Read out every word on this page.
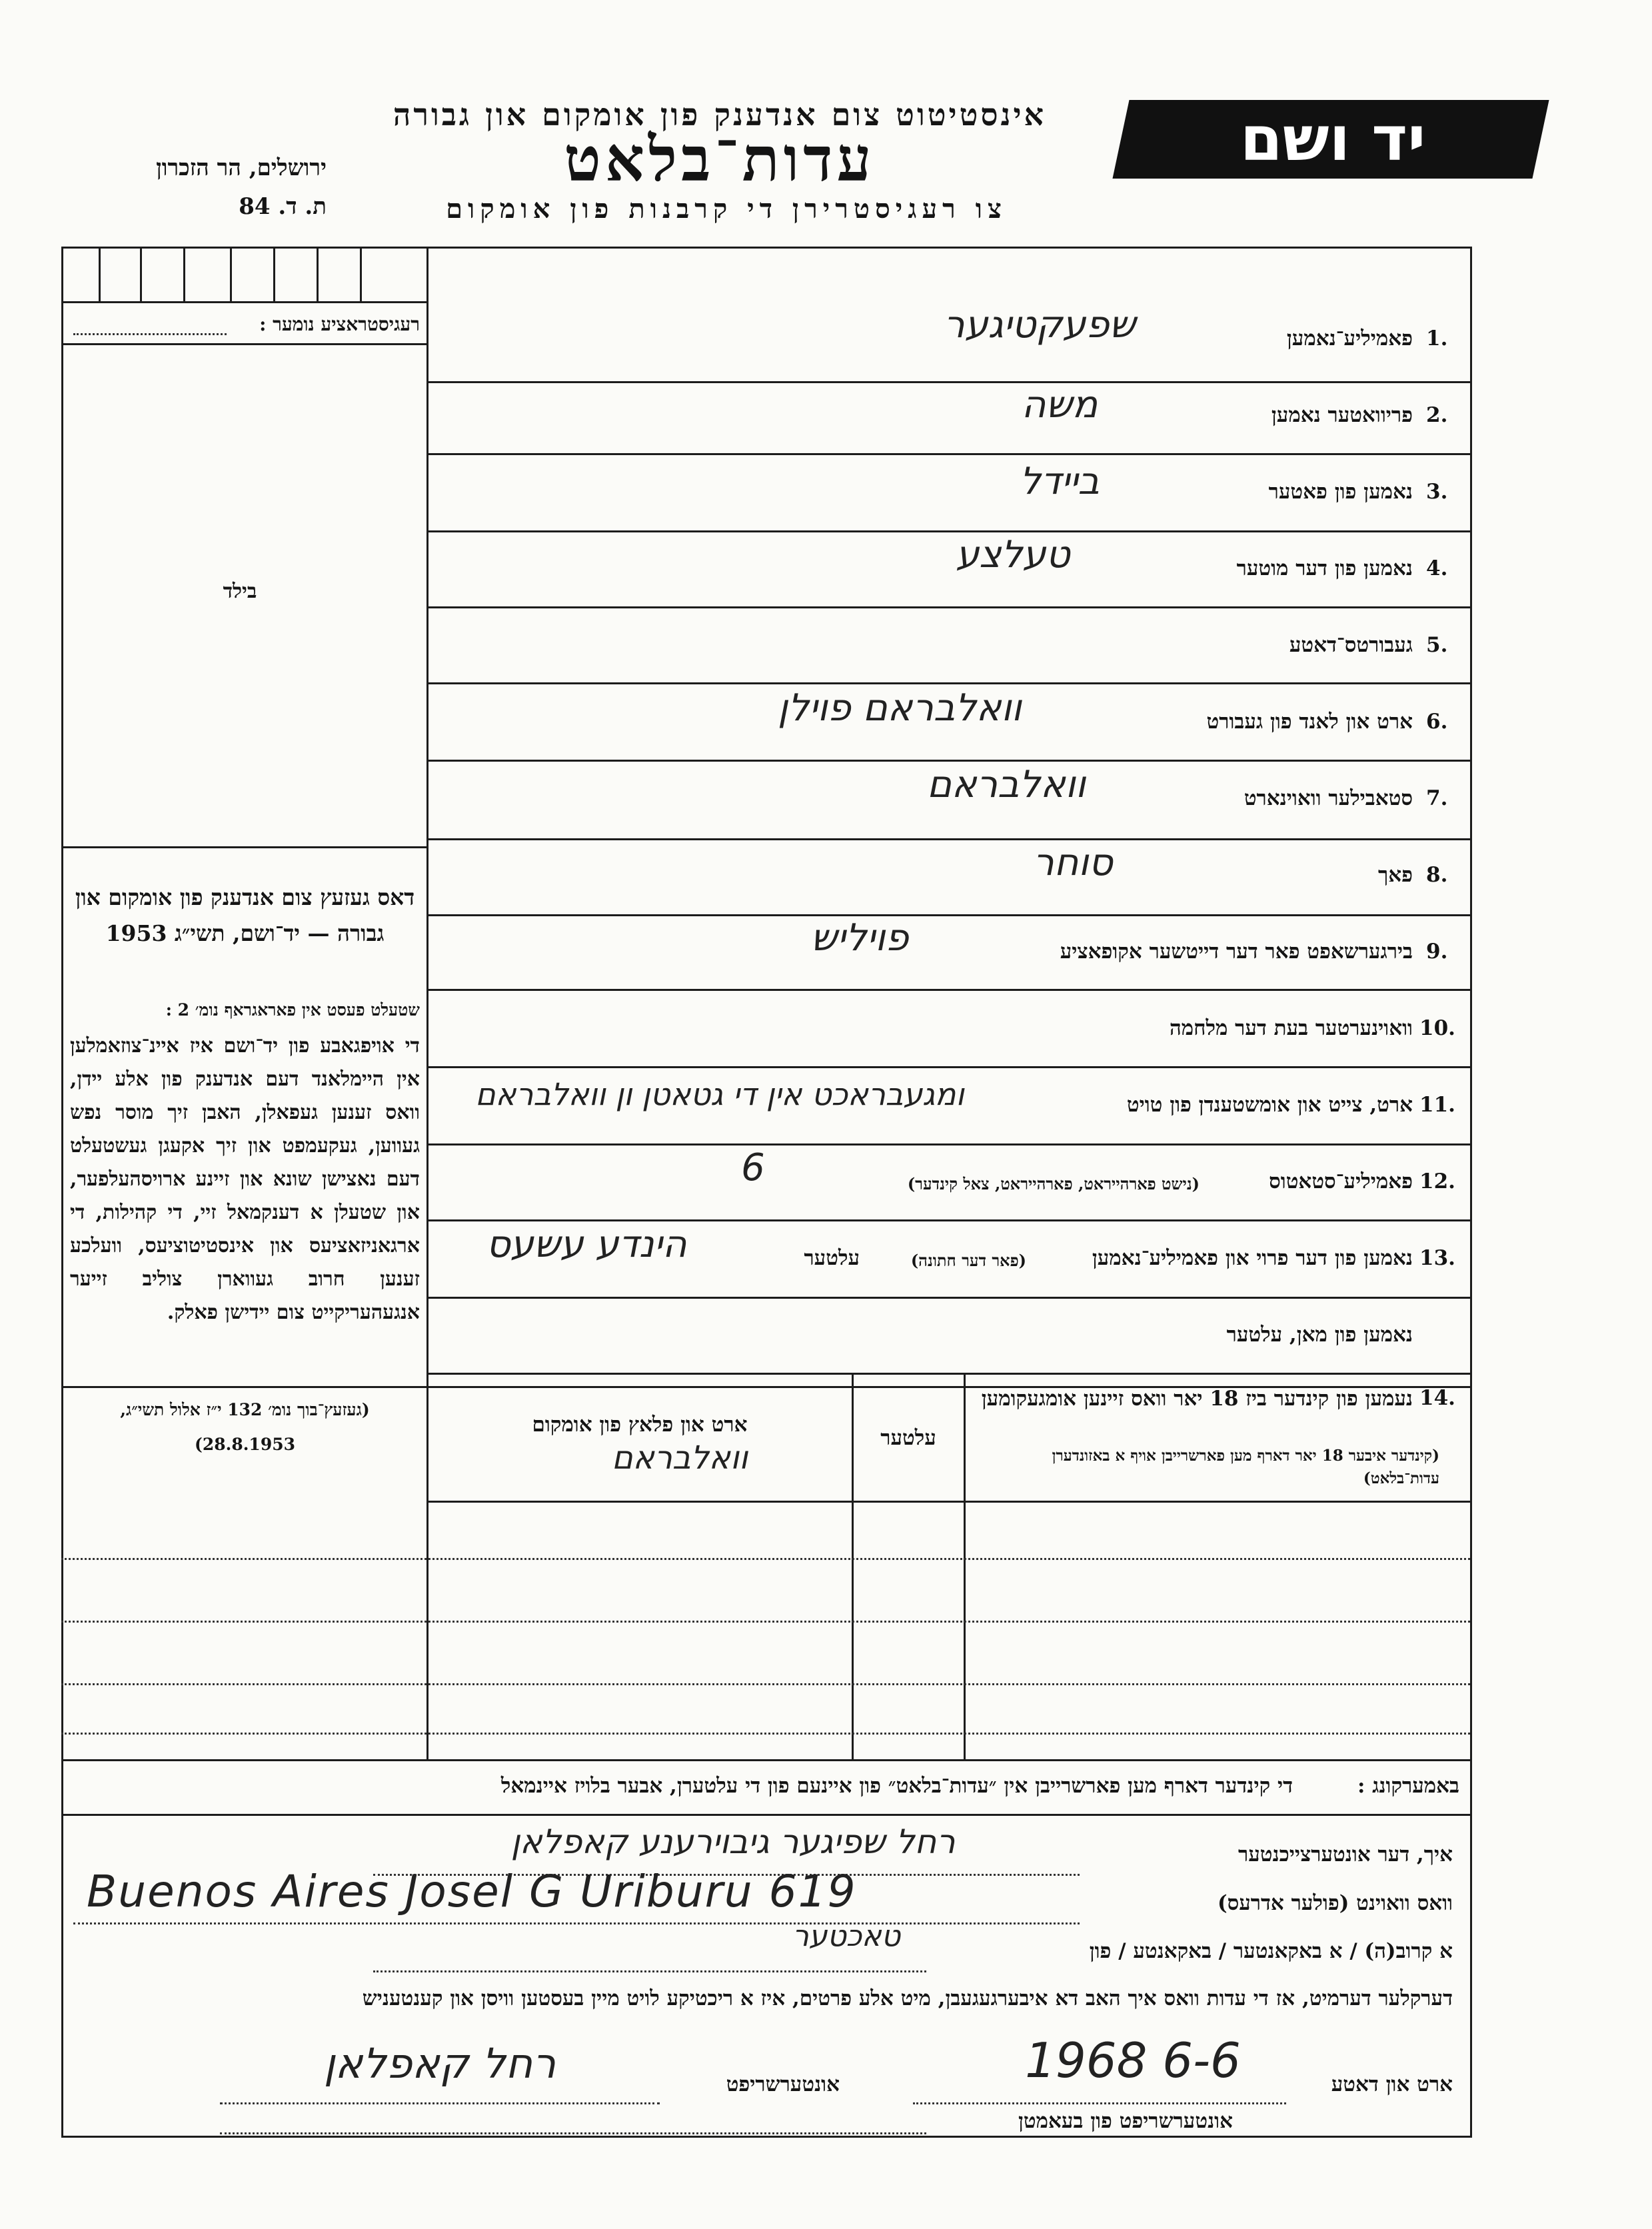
יד ושם
אינסטיטוט צום אנדענק פון אומקום און גבורה
עדות־בלאט
צו רעגיסטרירן די קרבנות פון אומקום
ירושלים, הר הזכרון
ת. ד. 84
רעגיסטראציע נומער :
בילד
דאס געזעץ צום אנדענק פון אומקום און גבורה — יד־ושם, תשי״ג 1953
שטעלט פעסט אין פאראגראף נומ׳ 2 :
די אויפגאבע פון יד־ושם איז איינ־צוזאמלען אין היימלאנד דעם אנדענק פון אלע יידן, וואס זענען געפאלן, האבן זיך מוסר נפש געווען, געקעמפט און זיך אקעגן געשטעלט דעם נאצישן שונא און זיינע ארויסהעלפער, און שטעלן א דענקמאל זיי, די קהילות, די ארגאניזאציעס און אינסטיטוציעס, וועלכע זענען חרוב געווארן צוליב זייער אנגעהעריקייט צום יידישן פאלק.
(געזעץ־בוך נומ׳ 132 י״ז אלול תשי״ג, 28.8.1953)
1.
פאמיליע־נאמען
שפעקטיגער
2.
פריוואטער נאמען
משה
3.
נאמען פון פאטער
ביידל
4.
נאמען פון דער מוטער
טעלצע
5.
געבורטס־דאטע
6.
ארט און לאנד פון געבורט
וואלבראם פוילן
7.
סטאבילער וואוינארט
וואלבראם
8.
פאך
סוחר
9.
בירגערשאפט פאר דער דייטשער אקופאציע
פויליש
10.
וואוינערטער בעת דער מלחמה
11.
ארט, צייט און אומשטענדן פון טויט
ומגעבראכט אין די גטאטן ון וואלבראם
12.
פאמיליע־סטאטוס
(נישט פארהייראט, פארהייראט, צאל קינדער)
6
13.
נאמען פון דער פרוי און פאמיליע־נאמען
(פאר דער חתונה)
עלטער
הינדע עשעס
נאמען פון מאן, עלטער
14.
נעמען פון קינדער ביז 18 יאר וואס זיינען אומגעקומען
(קינדער איבער 18 יאר דארף מען פארשרייבן אויף א באזונדערן עדות־בלאט)
עלטער
ארט און פלאץ פון אומקום
וואלבראם
באמערקונג :
די קינדער דארף מען פארשרייבן אין ״עדות־בלאט״ פון איינעם פון די עלטערן, אבער בלויז איינמאל
איך, דער אונטערצייכנטער
רחל שפיגער גיבוירענע קאפלאן
וואס וואוינט (פולער אדרעס)
Buenos Aires Josel G Uriburu 619
א קרוב(ה) / א באקאנטער / באקאנטע / פון
טאכטער
דערקלער דערמיט, אז די עדות וואס איך האב דא איבערגעגעבן, מיט אלע פרטים, איז א ריכטיקע לויט מיין בעסטען וויסן און קענטעניש
ארט און דאטע
1968 6-6
אונטערשריפט
רחל קאפלאן
אונטערשריפט פון בעאמטן
